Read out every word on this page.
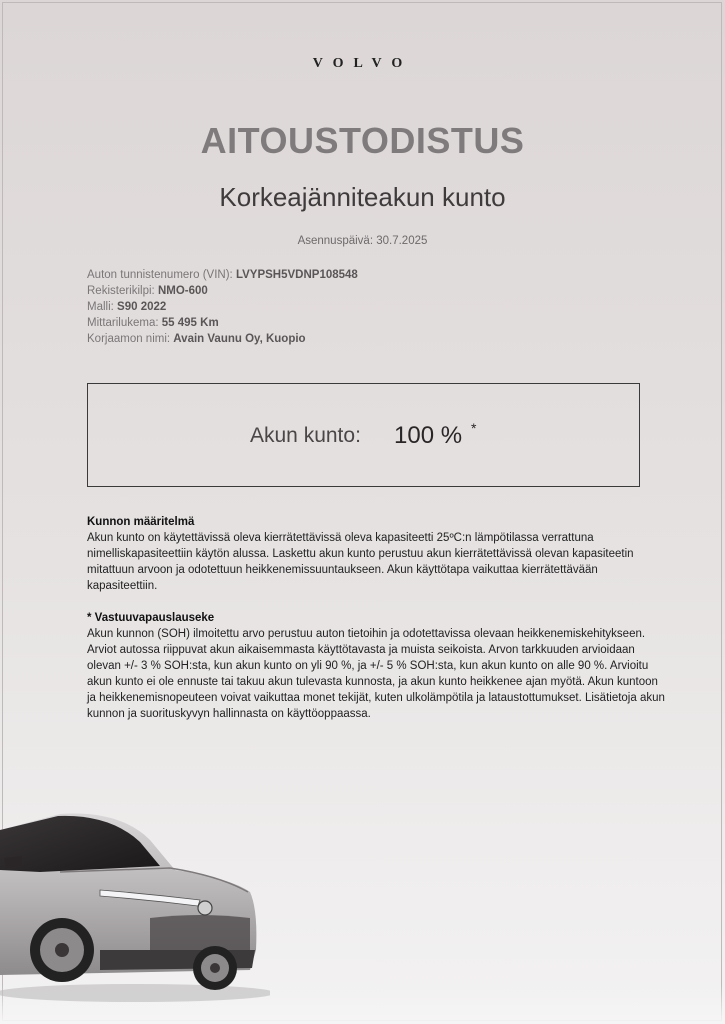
VOLVO
AITOUSTODISTUS
Korkeajänniteakun kunto
Asennuspäivä: 30.7.2025
Auton tunnistenumero (VIN): LVYPSH5VDNP108548
Rekisterikilpi: NMO-600
Malli: S90 2022
Mittarilukema: 55 495 Km
Korjaamon nimi: Avain Vaunu Oy, Kuopio
Akun kunto: 100 % *
Kunnon määritelmä

Akun kunto on käytettävissä oleva kierrätettävissä oleva kapasiteetti 25ºC:n lämpötilassa verrattuna nimelliskapasiteettiin käytön alussa. Laskettu akun kunto perustuu akun kierrätettävissä olevan kapasiteetin mitattuun arvoon ja odotettuun heikkenemissuuntaukseen. Akun käyttötapa vaikuttaa kierrätettävään kapasiteettiin.

* Vastuuvapauslauseke

Akun kunnon (SOH) ilmoitettu arvo perustuu auton tietoihin ja odotettavissa olevaan heikkenemiskehitykseen. Arviot autossa riippuvat akun aikaisemmasta käyttötavasta ja muista seikoista. Arvon tarkkuuden arvioidaan olevan +/- 3 % SOH:sta, kun akun kunto on yli 90 %, ja +/- 5 % SOH:sta, kun akun kunto on alle 90 %. Arvioitu akun kunto ei ole ennuste tai takuu akun tulevasta kunnosta, ja akun kunto heikkenee ajan myötä. Akun kuntoon ja heikkenemisnopeuteen voivat vaikuttaa monet tekijät, kuten ulkolämpötila ja lataustottumukset. Lisätietoja akun kunnon ja suorituskyvyn hallinnasta on käyttöoppaassa.
